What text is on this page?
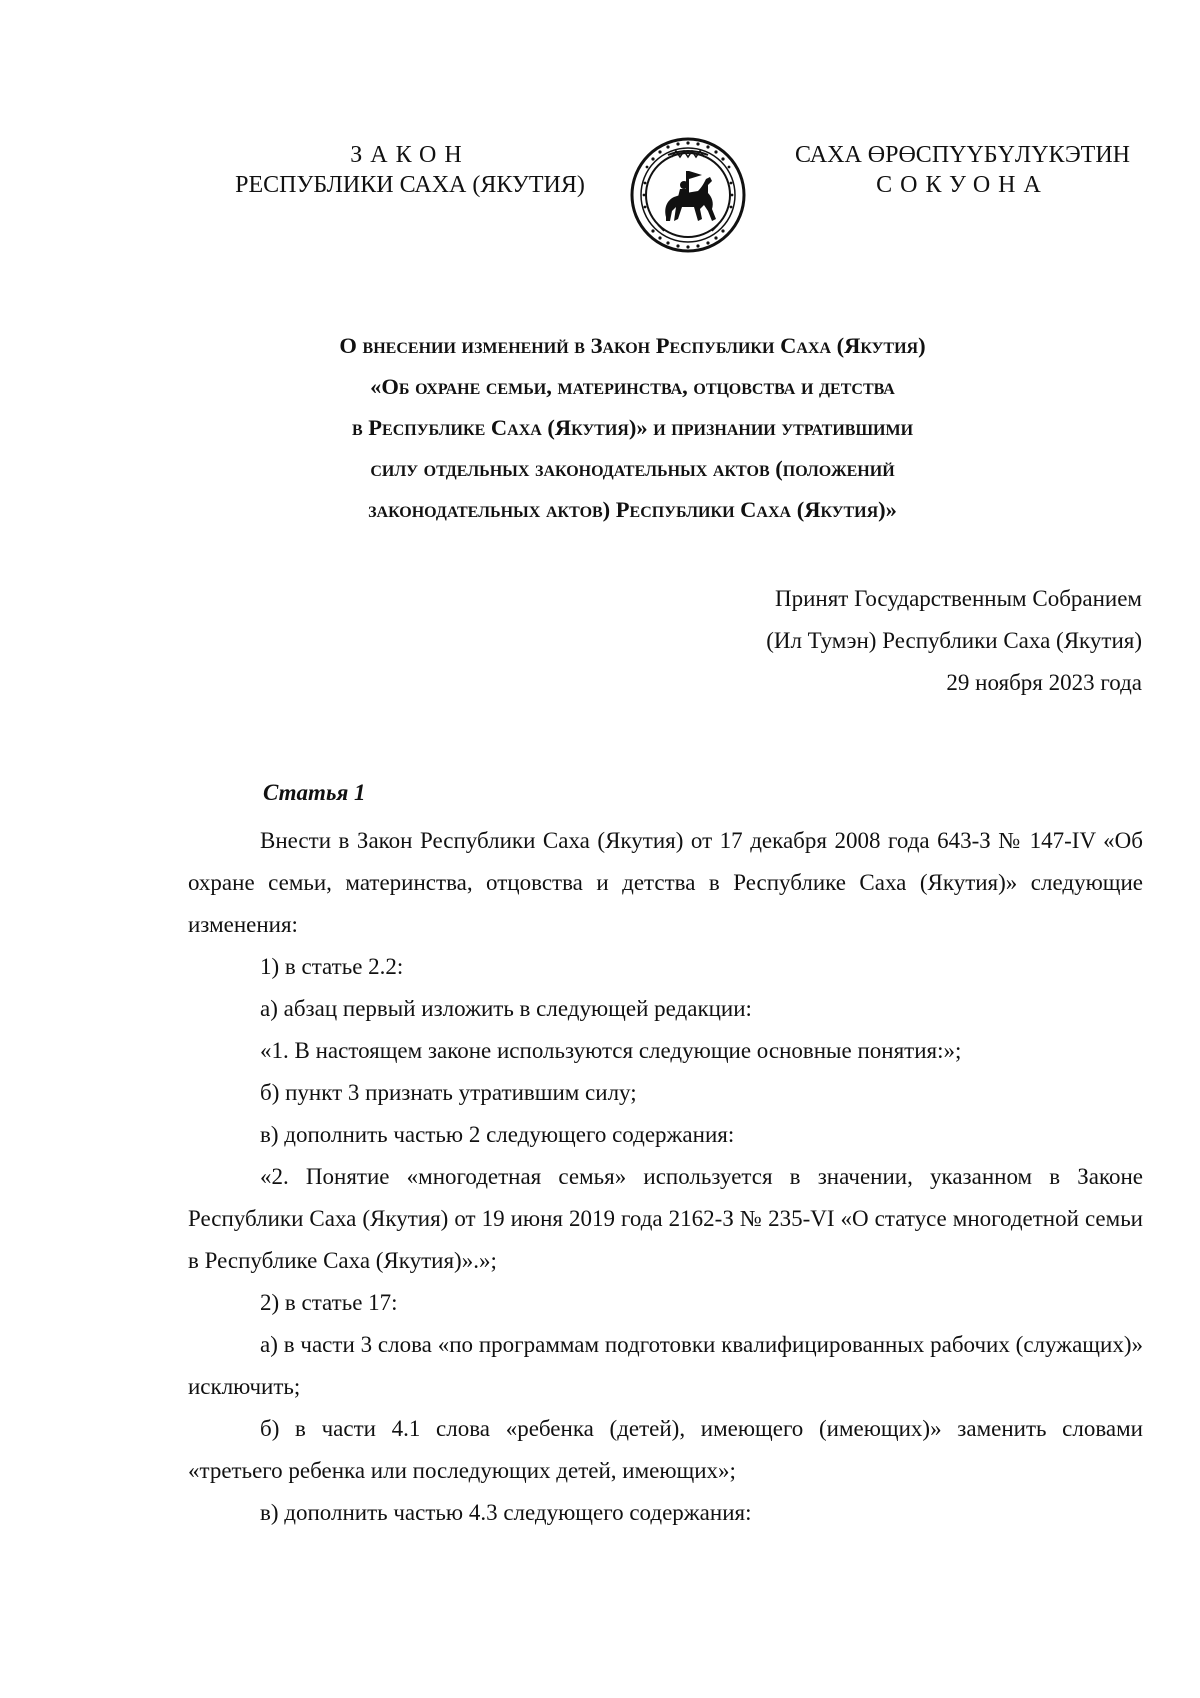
ЗАКОН
РЕСПУБЛИКИ САХА (ЯКУТИЯ)
САХА ӨРӨСПҮҮБҮЛҮКЭТИН
СОКУОНА
О внесении изменений в Закон Республики Саха (Якутия)
«Об охране семьи, материнства, отцовства и детства
в Республике Саха (Якутия)» и признании утратившими
силу отдельных законодательных актов (положений
законодательных актов) Республики Саха (Якутия)»
Принят Государственным Собранием
(Ил Тумэн) Республики Саха (Якутия)
29 ноября 2023 года
Статья 1

Внести в Закон Республики Саха (Якутия) от 17 декабря 2008 года 643-З № 147-IV «Об охране семьи, материнства, отцовства и детства в Республике Саха (Якутия)» следующие изменения:

1) в статье 2.2:

а) абзац первый изложить в следующей редакции:

«1. В настоящем законе используются следующие основные понятия:»;

б) пункт 3 признать утратившим силу;

в) дополнить частью 2 следующего содержания:

«2. Понятие «многодетная семья» используется в значении, указанном в Законе Республики Саха (Якутия) от 19 июня 2019 года 2162-З № 235-VI «О статусе многодетной семьи в Республике Саха (Якутия)».»;

2) в статье 17:

а) в части 3 слова «по программам подготовки квалифицированных рабочих (служащих)» исключить;

б) в части 4.1 слова «ребенка (детей), имеющего (имеющих)» заменить словами «третьего ребенка или последующих детей, имеющих»;

в) дополнить частью 4.3 следующего содержания:
